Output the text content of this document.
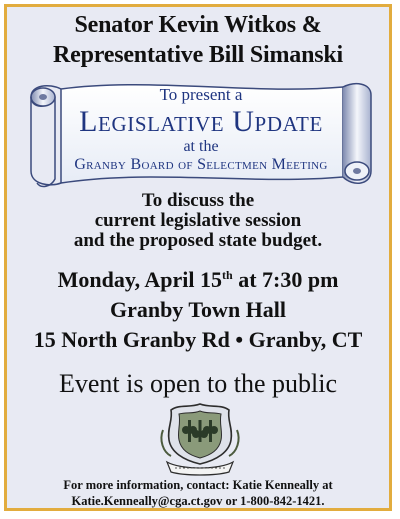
Senator Kevin Witkos &
Representative Bill Simanski
To present a
Legislative Update
at the
Granby Board of Selectmen Meeting
To discuss the
current legislative session
and the proposed state budget.
Monday, April 15th at 7:30 pm
Granby Town Hall
15 North Granby Rd • Granby, CT
Event is open to the public
For more information, contact: Katie Kenneally at
Katie.Kenneally@cga.ct.gov or 1-800-842-1421.
